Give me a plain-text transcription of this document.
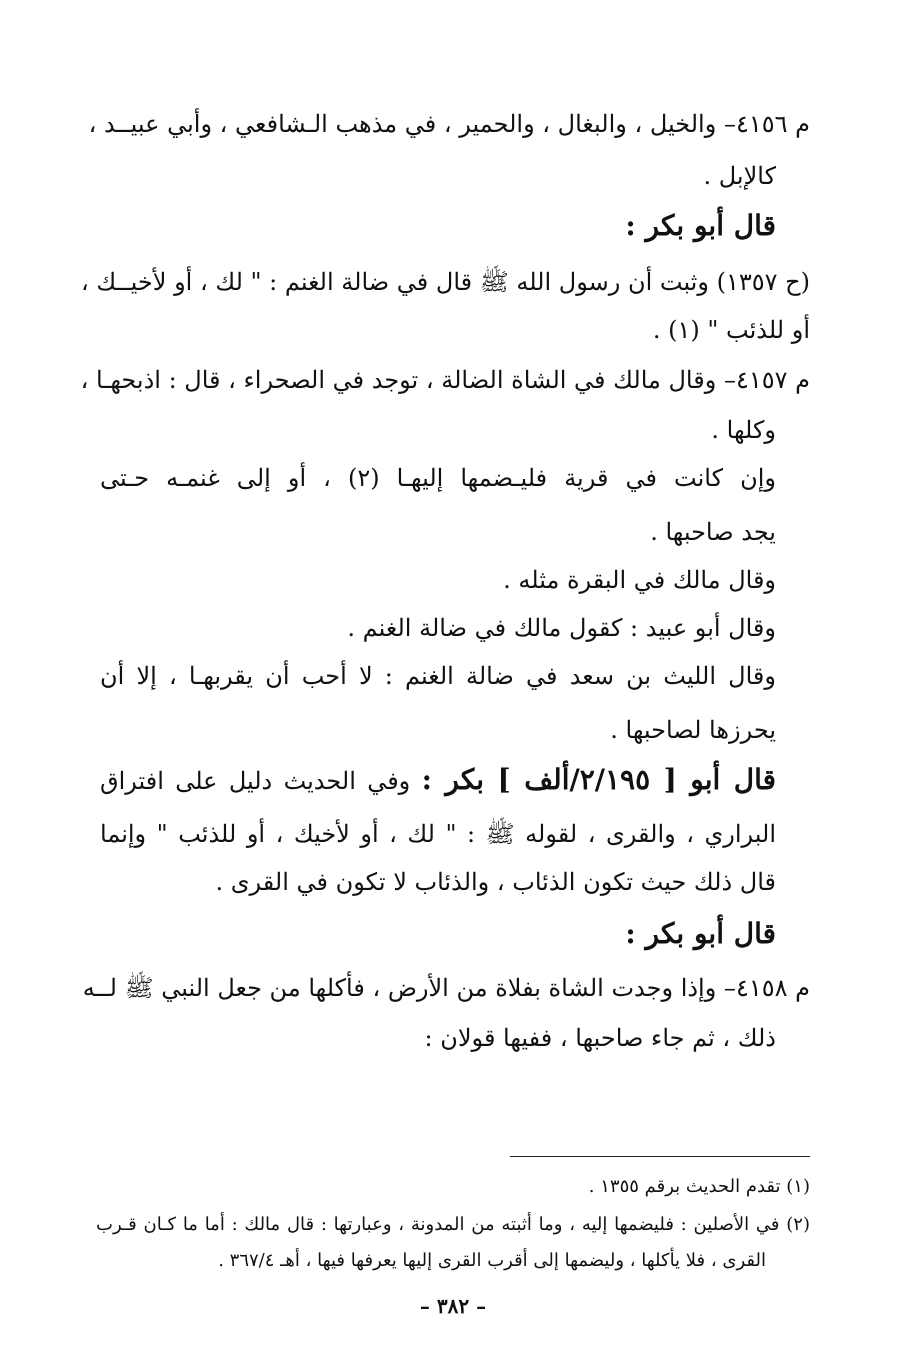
م ٤١٥٦– والخيل ، والبغال ، والحمير ، في مذهب الـشافعي ، وأبي عبيــد ،
كالإبل .
قال أبو بكر :
(ح ١٣٥٧) وثبت أن رسول الله ﷺ قال في ضالة الغنم : " لك ، أو لأخيــك ،
أو للذئب " (١) .
م ٤١٥٧– وقال مالك في الشاة الضالة ، توجد في الصحراء ، قال : اذبحهـا ،
وكلها .
وإن كانت في قرية فليـضمها إليهـا (٢) ، أو إلى غنمـه حـتى
يجد صاحبها .
وقال مالك في البقرة مثله .
وقال أبو عبيد : كقول مالك في ضالة الغنم .
وقال الليث بن سعد في ضالة الغنم : لا أحب أن يقربهـا ، إلا أن
يحرزها لصاحبها .
قال أبو [ ٢/١٩٥/ألف ] بكر : وفي الحديث دليل على افتراق
البراري ، والقرى ، لقوله ﷺ : " لك ، أو لأخيك ، أو للذئب " وإنما
قال ذلك حيث تكون الذئاب ، والذئاب لا تكون في القرى .
قال أبو بكر :
م ٤١٥٨– وإذا وجدت الشاة بفلاة من الأرض ، فأكلها من جعل النبي ﷺ لــه
ذلك ، ثم جاء صاحبها ، ففيها قولان :
(١) تقدم الحديث برقم ١٣٥٥ .
(٢) في الأصلين : فليضمها إليه ، وما أثبته من المدونة ، وعبارتها : قال مالك : أما ما كـان قـرب
القرى ، فلا يأكلها ، وليضمها إلى أقرب القرى إليها يعرفها فيها ، أهـ ٣٦٧/٤ .
– ٣٨٢ –
